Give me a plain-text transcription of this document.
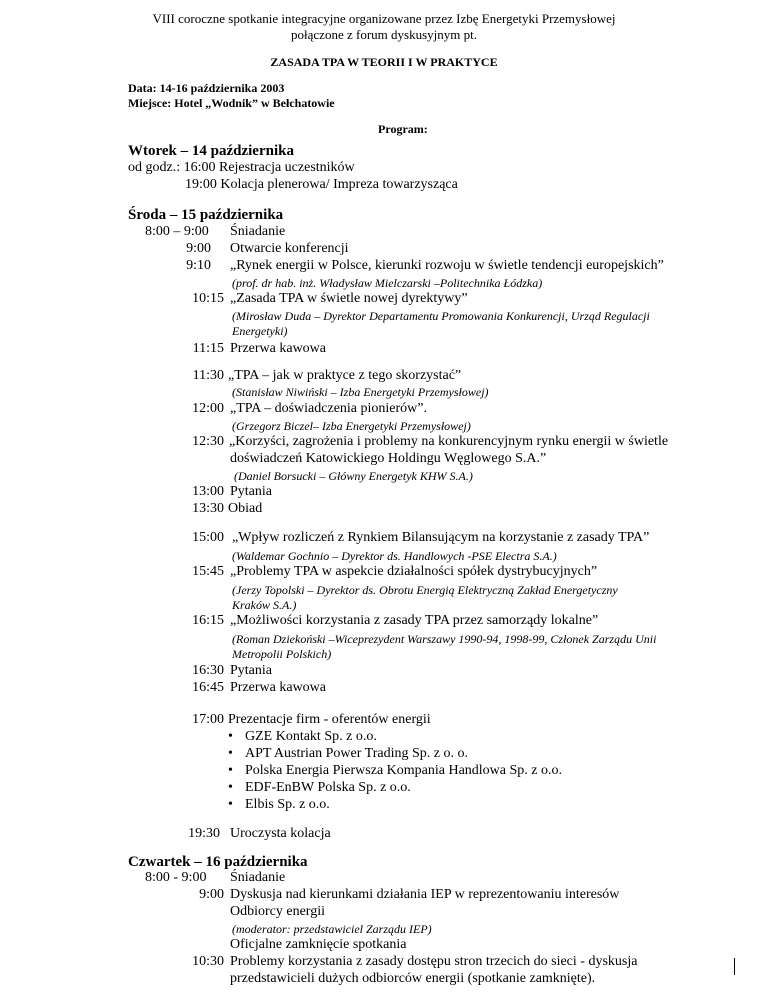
VIII coroczne spotkanie integracyjne organizowane przez Izbę Energetyki Przemysłowej
połączone z forum dyskusyjnym pt.
ZASADA TPA W TEORII I W PRAKTYCE
Data: 14-16 października 2003
Miejsce: Hotel „Wodnik” w Bełchatowie
Program:
Wtorek – 14 października
od godz.: 16:00 Rejestracja uczestników
19:00 Kolacja plenerowa/ Impreza towarzysząca
Środa – 15 października
8:00 – 9:00 Śniadanie
9:00 Otwarcie konferencji
9:10 „Rynek energii w Polsce, kierunki rozwoju w świetle tendencji europejskich”
(prof. dr hab. inż. Władysław Mielczarski –Politechnika Łódzka)
10:15 „Zasada TPA w świetle nowej dyrektywy”
(Mirosław Duda – Dyrektor Departamentu Promowania Konkurencji, Urząd Regulacji
Energetyki)
11:15 Przerwa kawowa
11:30 „TPA – jak w praktyce z tego skorzystać”
(Stanisław Niwiński – Izba Energetyki Przemysłowej)
12:00 „TPA – doświadczenia pionierów”.
(Grzegorz Biczel– Izba Energetyki Przemysłowej)
12:30 „Korzyści, zagrożenia i problemy na konkurencyjnym rynku energii w świetle
doświadczeń Katowickiego Holdingu Węglowego S.A.”
(Daniel Borsucki – Główny Energetyk KHW S.A.)
13:00 Pytania
13:30 Obiad
15:00 „Wpływ rozliczeń z Rynkiem Bilansującym na korzystanie z zasady TPA”
(Waldemar Gochnio – Dyrektor ds. Handlowych -PSE Electra S.A.)
15:45 „Problemy TPA w aspekcie działalności spółek dystrybucyjnych”
(Jerzy Topolski – Dyrektor ds. Obrotu Energią Elektryczną Zakład Energetyczny
Kraków S.A.)
16:15 „Możliwości korzystania z zasady TPA przez samorządy lokalne”
(Roman Dziekoński –Wiceprezydent Warszawy 1990-94, 1998-99, Członek Zarządu Unii
Metropolii Polskich)
16:30 Pytania
16:45 Przerwa kawowa
17:00 Prezentacje firm - oferentów energii
• GZE Kontakt Sp. z o.o.
• APT Austrian Power Trading Sp. z o. o.
• Polska Energia Pierwsza Kompania Handlowa Sp. z o.o.
• EDF-EnBW Polska Sp. z o.o.
• Elbis Sp. z o.o.
19:30 Uroczysta kolacja
Czwartek – 16 października
8:00 - 9:00 Śniadanie
9:00 Dyskusja nad kierunkami działania IEP w reprezentowaniu interesów
Odbiorcy energii
(moderator: przedstawiciel Zarządu IEP)
Oficjalne zamknięcie spotkania
10:30 Problemy korzystania z zasady dostępu stron trzecich do sieci - dyskusja
przedstawicieli dużych odbiorców energii (spotkanie zamknięte).
